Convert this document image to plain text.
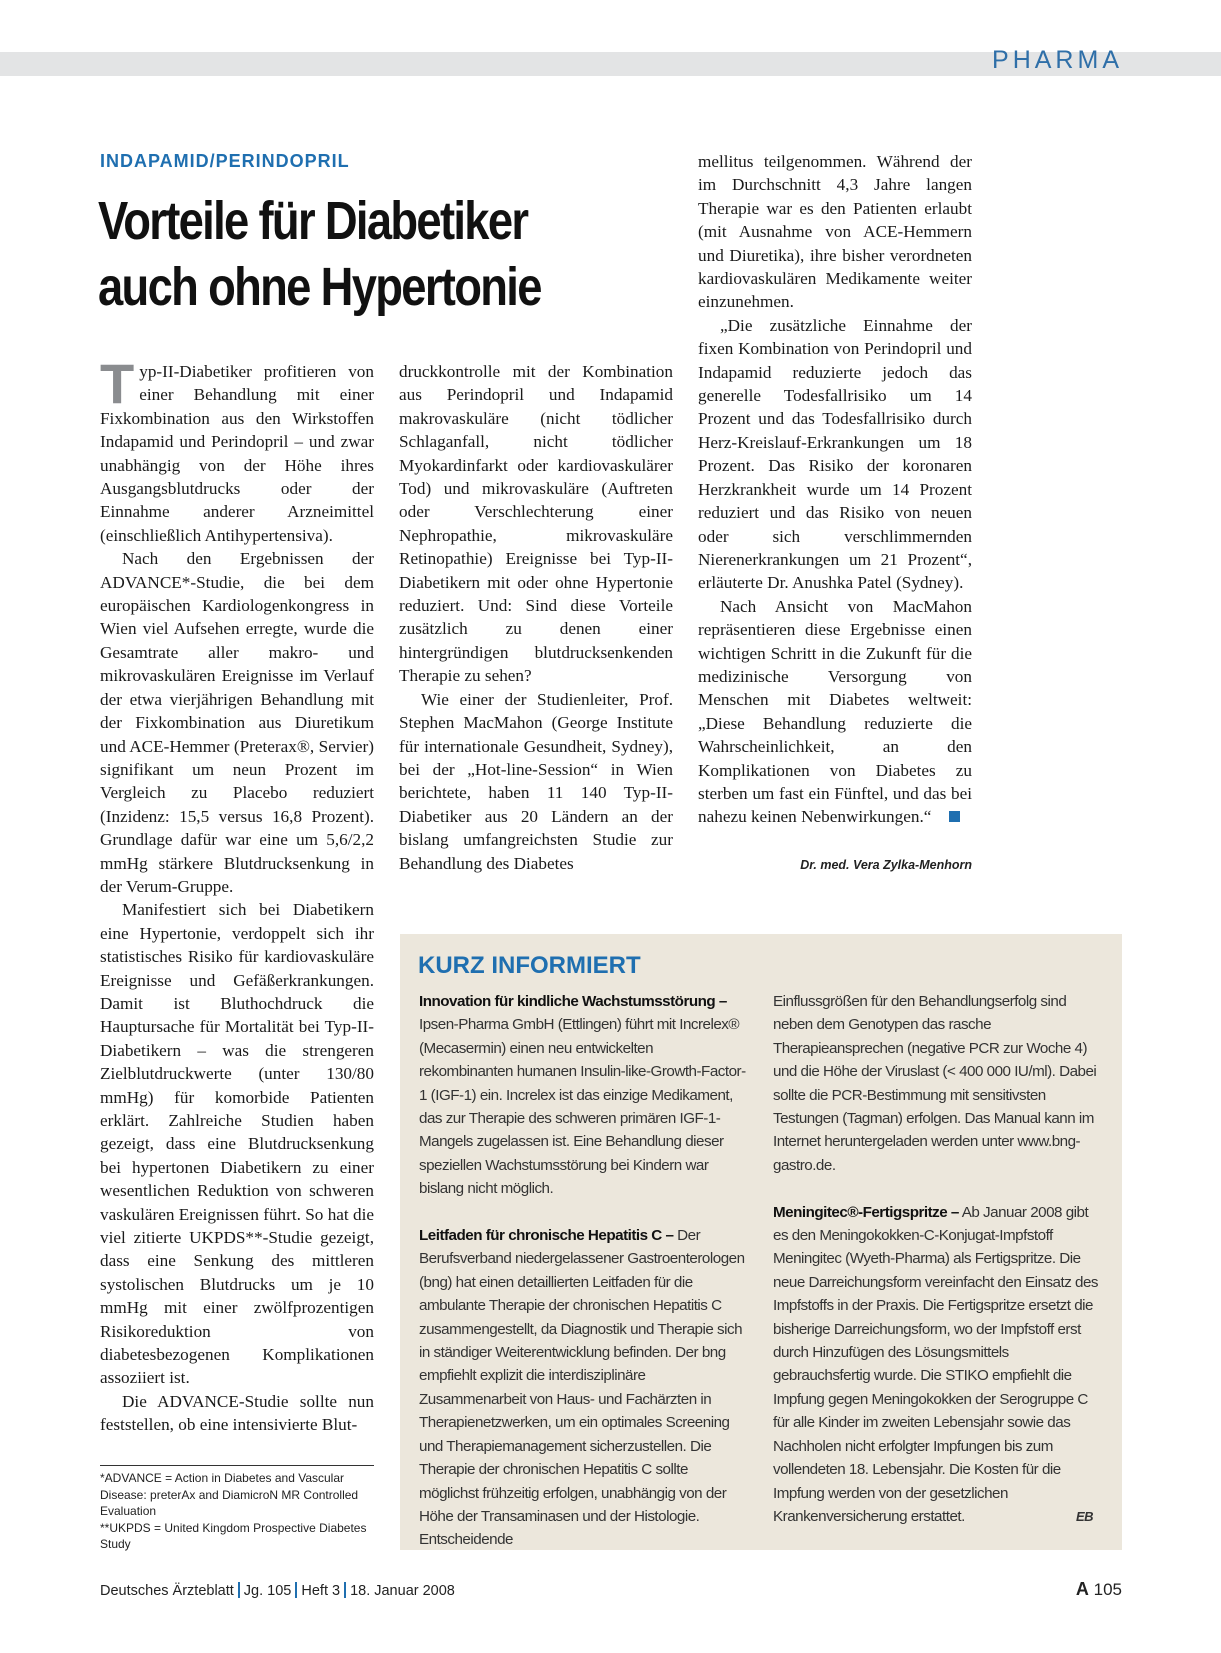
PHARMA
INDAPAMID/PERINDOPRIL
Vorteile für Diabetiker
auch ohne Hypertonie

Typ-II-Diabetiker profitieren von einer Behandlung mit einer Fixkombination aus den Wirkstoffen Indapamid und Perindopril – und zwar unabhängig von der Höhe ihres Ausgangsblutdrucks oder der Einnahme anderer Arzneimittel (einschließlich Antihypertensiva).

Nach den Ergebnissen der ADVANCE*-Studie, die bei dem europäischen Kardiologenkongress in Wien viel Aufsehen erregte, wurde die Gesamtrate aller makro- und mikrovaskulären Ereignisse im Verlauf der etwa vierjährigen Behandlung mit der Fixkombination aus Diuretikum und ACE-Hemmer (Preterax®, Servier) signifikant um neun Prozent im Vergleich zu Placebo reduziert (Inzidenz: 15,5 versus 16,8 Prozent). Grundlage dafür war eine um 5,6/2,2 mmHg stärkere Blutdrucksenkung in der Verum-Gruppe.

Manifestiert sich bei Diabetikern eine Hypertonie, verdoppelt sich ihr statistisches Risiko für kardiovaskuläre Ereignisse und Gefäßerkrankungen. Damit ist Bluthochdruck die Hauptursache für Mortalität bei Typ-II-Diabetikern – was die strengeren Zielblutdruckwerte (unter 130/80 mmHg) für komorbide Patienten erklärt. Zahlreiche Studien haben gezeigt, dass eine Blutdrucksenkung bei hypertonen Diabetikern zu einer wesentlichen Reduktion von schweren vaskulären Ereignissen führt. So hat die viel zitierte UKPDS**-Studie gezeigt, dass eine Senkung des mittleren systolischen Blutdrucks um je 10 mmHg mit einer zwölfprozentigen Risikoreduktion von diabetesbezogenen Komplikationen assoziiert ist.

Die ADVANCE-Studie sollte nun feststellen, ob eine intensivierte Blut-

druckkontrolle mit der Kombination aus Perindopril und Indapamid makrovaskuläre (nicht tödlicher Schlaganfall, nicht tödlicher Myokardinfarkt oder kardiovaskulärer Tod) und mikrovaskuläre (Auftreten oder Verschlechterung einer Nephropathie, mikrovaskuläre Retinopathie) Ereignisse bei Typ-II-Diabetikern mit oder ohne Hypertonie reduziert. Und: Sind diese Vorteile zusätzlich zu denen einer hintergründigen blutdrucksenkenden Therapie zu sehen?

Wie einer der Studienleiter, Prof. Stephen MacMahon (George Institute für internationale Gesundheit, Sydney), bei der „Hot-line-Session“ in Wien berichtete, haben 11 140 Typ-II-Diabetiker aus 20 Ländern an der bislang umfangreichsten Studie zur Behandlung des Diabetes

mellitus teilgenommen. Während der im Durchschnitt 4,3 Jahre langen Therapie war es den Patienten erlaubt (mit Ausnahme von ACE-Hemmern und Diuretika), ihre bisher verordneten kardiovaskulären Medikamente weiter einzunehmen.

„Die zusätzliche Einnahme der fixen Kombination von Perindopril und Indapamid reduzierte jedoch das generelle Todesfallrisiko um 14 Prozent und das Todesfallrisiko durch Herz-Kreislauf-Erkrankungen um 18 Prozent. Das Risiko der koronaren Herzkrankheit wurde um 14 Prozent reduziert und das Risiko von neuen oder sich verschlimmernden Nierenerkrankungen um 21 Prozent“, erläuterte Dr. Anushka Patel (Sydney).

Nach Ansicht von MacMahon repräsentieren diese Ergebnisse einen wichtigen Schritt in die Zukunft für die medizinische Versorgung von Menschen mit Diabetes weltweit: „Diese Behandlung reduzierte die Wahrscheinlichkeit, an den Komplikationen von Diabetes zu sterben um fast ein Fünftel, und das bei nahezu keinen Nebenwirkungen.“

Dr. med. Vera Zylka-Menhorn
*ADVANCE = Action in Diabetes and Vascular Disease: preterAx and DiamicroN MR Controlled Evaluation
**UKPDS = United Kingdom Prospective Diabetes Study
KURZ INFORMIERT

Innovation für kindliche Wachstumsstörung – Ipsen-Pharma GmbH (Ettlingen) führt mit Increlex® (Mecasermin) einen neu entwickelten rekombinanten humanen Insulin-like-Growth-Factor-1 (IGF-1) ein. Increlex ist das einzige Medikament, das zur Therapie des schweren primären IGF-1-Mangels zugelassen ist. Eine Behandlung dieser speziellen Wachstumsstörung bei Kindern war bislang nicht möglich.

Leitfaden für chronische Hepatitis C – Der Berufsverband niedergelassener Gastroenterologen (bng) hat einen detaillierten Leitfaden für die ambulante Therapie der chronischen Hepatitis C zusammengestellt, da Diagnostik und Therapie sich in ständiger Weiterentwicklung befinden. Der bng empfiehlt explizit die interdisziplinäre Zusammenarbeit von Haus- und Fachärzten in Therapienetzwerken, um ein optimales Screening und Therapiemanagement sicherzustellen. Die Therapie der chronischen Hepatitis C sollte möglichst frühzeitig erfolgen, unabhängig von der Höhe der Transaminasen und der Histologie. Entscheidende

Einflussgrößen für den Behandlungserfolg sind neben dem Genotypen das rasche Therapieansprechen (negative PCR zur Woche 4) und die Höhe der Viruslast (< 400 000 IU/ml). Dabei sollte die PCR-Bestimmung mit sensitivsten Testungen (Tagman) erfolgen. Das Manual kann im Internet heruntergeladen werden unter www.bng-gastro.de.

Meningitec®-Fertigspritze – Ab Januar 2008 gibt es den Meningokokken-C-Konjugat-Impfstoff Meningitec (Wyeth-Pharma) als Fertigspritze. Die neue Darreichungsform vereinfacht den Einsatz des Impfstoffs in der Praxis. Die Fertigspritze ersetzt die bisherige Darreichungsform, wo der Impfstoff erst durch Hinzufügen des Lösungsmittels gebrauchsfertig wurde. Die STIKO empfiehlt die Impfung gegen Meningokokken der Serogruppe C für alle Kinder im zweiten Lebensjahr sowie das Nachholen nicht erfolgter Impfungen bis zum vollendeten 18. Lebensjahr. Die Kosten für die Impfung werden von der gesetzlichen Krankenversicherung erstattet.	EB

Deutsches Ärzteblatt Jg. 105 Heft 3 18. Januar 2008	A 105
